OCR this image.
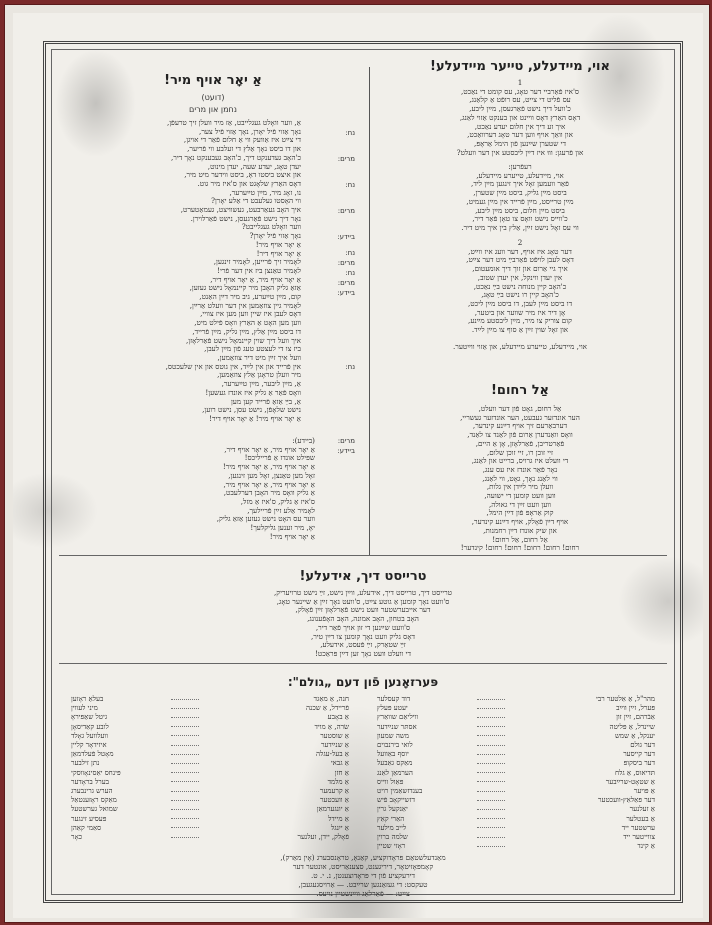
אוי, מיידעלע, טייער מיידעלע!
1
ס'איז פֿאַרביי דער טאָג, עס קומט די נאַכט,
עס פֿליט די צייט, עס רופֿט אַ קלאַנג,
כ'וועל דיך נישט פֿאַרגעסן, מײַן ליבע,
דאָס האַרץ דאָס וויינט און בענקט אַזוי לאַנג,
איך זע דיך אין חלום יעדע נאַכט,
און וואַך אויף ווען דער טאָג דערוואַכט,
די שטערן שײַנען פֿון הימל אַראָפּ,
און פֿרעגן: וווּ איז דײַן ליבסטע אין דער וועלט?
רעפֿרען:
אוי, מיידעלע, טייערע מיידעלע,
פֿאַר וועמען זאָל איך זינגען מײַן ליד,
ביסט מײַן גליק, ביסט מײַן שטערן,
מײַן טרייסט, מײַן פֿרייד אין מײַן געמיט,
ביסט מײַן חלום, ביסט מײַן ליבע,
כ'ווייס נישט וואָס צו טאָן פֿאַר דיר,
ווי עס זאָל נישט זײַן, אַלץ בין איך מיט דיר.
2
דער טאָג איז אויף, דער וועג איז ווײַט,
דאָס לעבן לויפֿט פֿאַרבײַ מיט דער צײַט,
איך גיי אַרום און זוך דיך אומעטום,
אין יעדן ווינקל, אין יעדן שטוב,
כ'האָב קיין מנוחה נישט בײַ נאַכט,
כ'האָב קיין רו נישט בײַ טאָג,
דו ביסט מײַן לעבן, דו ביסט מײַן ליכט,
אָן דיר איז מיר שווער און ביטער,
קום צוריק צו מיר, מײַן ליבסטע מײַנע,
און זאָל שוין זײַן אַ סוף צו מײַן לײַד.
אוי, מיידעלע, טייערע מיידעלע, און אַזוי ווײַטער.
אַל רחום!
אַל רחום, גאָט פֿון דער וועלט,
הער אונדזער געבעט, הער אונדזער געשריי,
דערבאַרעם זיך אויף דײַנע קינדער,
וואָס וואַנדערן אַרום פֿון לאַנד צו לאַנד,
פֿאַרטריבן, פֿאַרלאָזן, אָן אַ היים,
זיי זוכן רו, זיי זוכן שלום,
די וועלט איז גרויס, ברייט און לאַנג,
נאָר פֿאַר אונדז איז עס ענג,
ווי לאַנג נאָך, גאָט, ווי לאַנג,
וועלן מיר לײַדן אין גלות,
ווען וועט קומען די ישועה,
ווען וועט זײַן די גאולה,
קוק אַראָפּ פֿון דײַן הימל,
אויף דײַן פֿאָלק, אויף דײַנע קינדער,
און שיק אונדז דײַן רחמנות,
אַל רחום, אַל רחום!
רחום! רחום! רחום! רחום! רחום! קינדער!
אַ יאָר אויף מיר!
(דועט)
נחמן און מרים
אַ, ווער וואָלט געגלייבט, אַז מיר וועלן זיך טרעפֿן,
נאָך אַזוי פֿיל יאָרן, נאָך אַזוי פֿיל צער,
די צײַט איז אַוועק ווי אַ חלום פֿאַר די אויגן,
און דו ביסט נאָך אַלץ די זעלבע ווי פֿריער,
כ'האָב געדענקט דיך, כ'האָב געבענקט נאָך דיר,
יעדן טאָג, יעדע שעה, יעדן מינוט,
און איצט ביסטו דאָ, ביסט ווידער מיט מיר,
דאָס האַרץ שלאָגט און ס'איז מיר גוט.
נו, זאָג מיר, מײַן טײַערער,
ווי האָסטו געלעבט די אַלע יאָרן?
איך האָב געאַרבעט, געשוויצט, געמאַטערט,
נאָר דיך נישט פֿאַרגעסן, נישט פֿאַרלוירן.
ווער וואָלט געגלייבט?
נאָך אַזוי פֿיל יאָרן?
אַ יאָר אויף מיר!
אַ יאָר אויף דיר!
לאָמיר זיך פֿרייען, לאָמיר זינגען,
לאָמיר טאַנצן ביז אין דער פֿרי!
אַ יאָר אויף מיר, אַ יאָר אויף דיר,
אַזאַ גליק האָבן מיר קיינמאָל נישט געזען,
קום, מײַן טײַערע, גיב מיר דײַן האַנט,
לאָמיר גיין צוזאַמען אין דער וועלט אַרײַן,
דאָס לעבן איז שיין ווען מען איז צוויי,
ווען מען האָט אַ האַרץ וואָס פֿילט מיט,
דו ביסט מײַן אַלץ, מײַן גליק, מײַן פֿרייד,
איך וועל דיך שוין קיינמאָל נישט פֿאַרלאָזן,
ביז צו די לעצטע טעג פֿון מײַן לעבן,
וועל איך זײַן מיט דיר צוזאַמען,
אין פֿרייד און אין לײַד, אין גוטס און אין שלעכטס,
מיר וועלן טראָגן אַלץ צוזאַמען,
אַ, מײַן ליבער, מײַן טײַערער,
וואָס פֿאַר אַ גליק איז אונדז געשען!
אַ, בײַ אַזאַ פֿרייד קען מען
נישט שלאָפֿן, נישט עסן, נישט רוען,
אַ יאָר אויף מיר! אַ יאָר אויף דיר!
נח:
מרים:
נח:
מרים:
ביידע:
נח:
מרים:
נח:
מרים:
ביידע:
נח:
מרים:
ביידע:
(ביידע):
אַ יאָר אויף מיר, אַ יאָר אויף דיר,
שפּילט אונדז אַ פֿרייליכס!
אַ יאָר אויף מיר, אַ יאָר אויף מיר!
זאָל מען טאַנצן, זאָל מען זינגען,
אַ יאָר אויף מיר, אַ יאָר אויף מיר,
אַ גליק וואָס מיר האָבן דערלעבט,
ס'איז אַ גליק, ס'איז אַ מזל,
לאָמיר אַלע זײַן פֿריילעך,
ווער עס האָט נישט געזען אַזאַ גליק,
יאָ, מיר זענען גליקלעך!
אַ יאָר אויף מיר!
טרייסט דיך, אידעלע!
טרייסט דיך, טרייסט דיך, אידעלע, ווײַן נישט, זײַ נישט טרויעריק,
ס'וועט נאָך קומען אַ גוטע צײַט, ס'וועט נאָך זײַן אַ שיינער טאָג,
דער אייבערשטער וועט נישט פֿאַרלאָזן זײַן פֿאָלק,
האָב בטחון, האָב אמונה, האָב האָפֿענונג,
ס'וועט שײַנען די זון אויך פֿאַר דיר,
דאָס גליק וועט נאָך קומען צו דײַן טיר,
זײַ שטאַרק, זײַ פֿעסט, אידעלע,
די וועלט וועט נאָך זען דײַן פּראַכט!
פּערזאָנען פֿון דעם „גולם":
מהר"ל, אַ אַלטער רבידוד קעסלער
פּערל, זײַן ווײַביעטע פּעלץ
אַבֿרהם, זײַן זוןוויליאַם שוואַרץ
שיינדל, אַ פּליטהאסתּר שנײַדער
יענקל, אַ שמשמשה שמעון
דער גולםלואי בירנבוים
דער קייסעריוסף באַוועל
דער ביסקופּמאַקס גאַבעל
תּדיאוס, אַ גלחהערמאַן לאַנג
אַ שטאָט-שרײַבערפּאַול ווייס
אַ פּויערבענדזשאַמין רויט
דער פּאַלאַץ-וועכטערדזשייקאָב פֿיש
אַ זעלנעריאַנקעל גרין
אַ בעטלערהאַרי קאַץ
ערשטער יידלייב מילער
צווייטער יידשלמה ברוין
אַ קינדראָזי שטיין
חנה, אַ מאַגדבעלאַ ראָזען
פֿריידל, אַ שכנהמיני לעווין
אַ באָבעגיטל שאַפּיראָ
שׂרה, אַ מוידלובע קאַדיסאָן
אַ שוסטערוועלוועל גאָלד
אַ שנײַדעראיזידאָר קליין
אַ בעל-עגלהמאָטל פֿעלדמאַן
אַ גבאינתן זילבער
אַ חזןפּינחס יאַסינאָווסקי
אַ מלמדבערל בראָדער
אַ קרעמערהערש גרינבערג
אַ וועכטערמאַקס ראָזענטאַל
אַ יונגערמאַןשמואל גערשטעל
אַ מיידלפּעסיע זינגער
אַ ייִנגלסאַמי קאַהן
פֿאָלק, יידן, זעלנערכאָר
מאַנדעלשטאַם פּראָדוקציע, קאַנאָ, טראָנסבערג (אָין מאַרק),
קאָמפּאָזיטאָר, דיריגענט, סצענאַריסט, אונטער דער
דירעקציע פֿון די פּראָדוצענטן, נ. י. ט.
טעקסט: די געזאַנגען שרײַבט. — אַרויסגעגעבן,
צײַט: — פֿאַרלאַג ווײַנשטיין נויעס.
